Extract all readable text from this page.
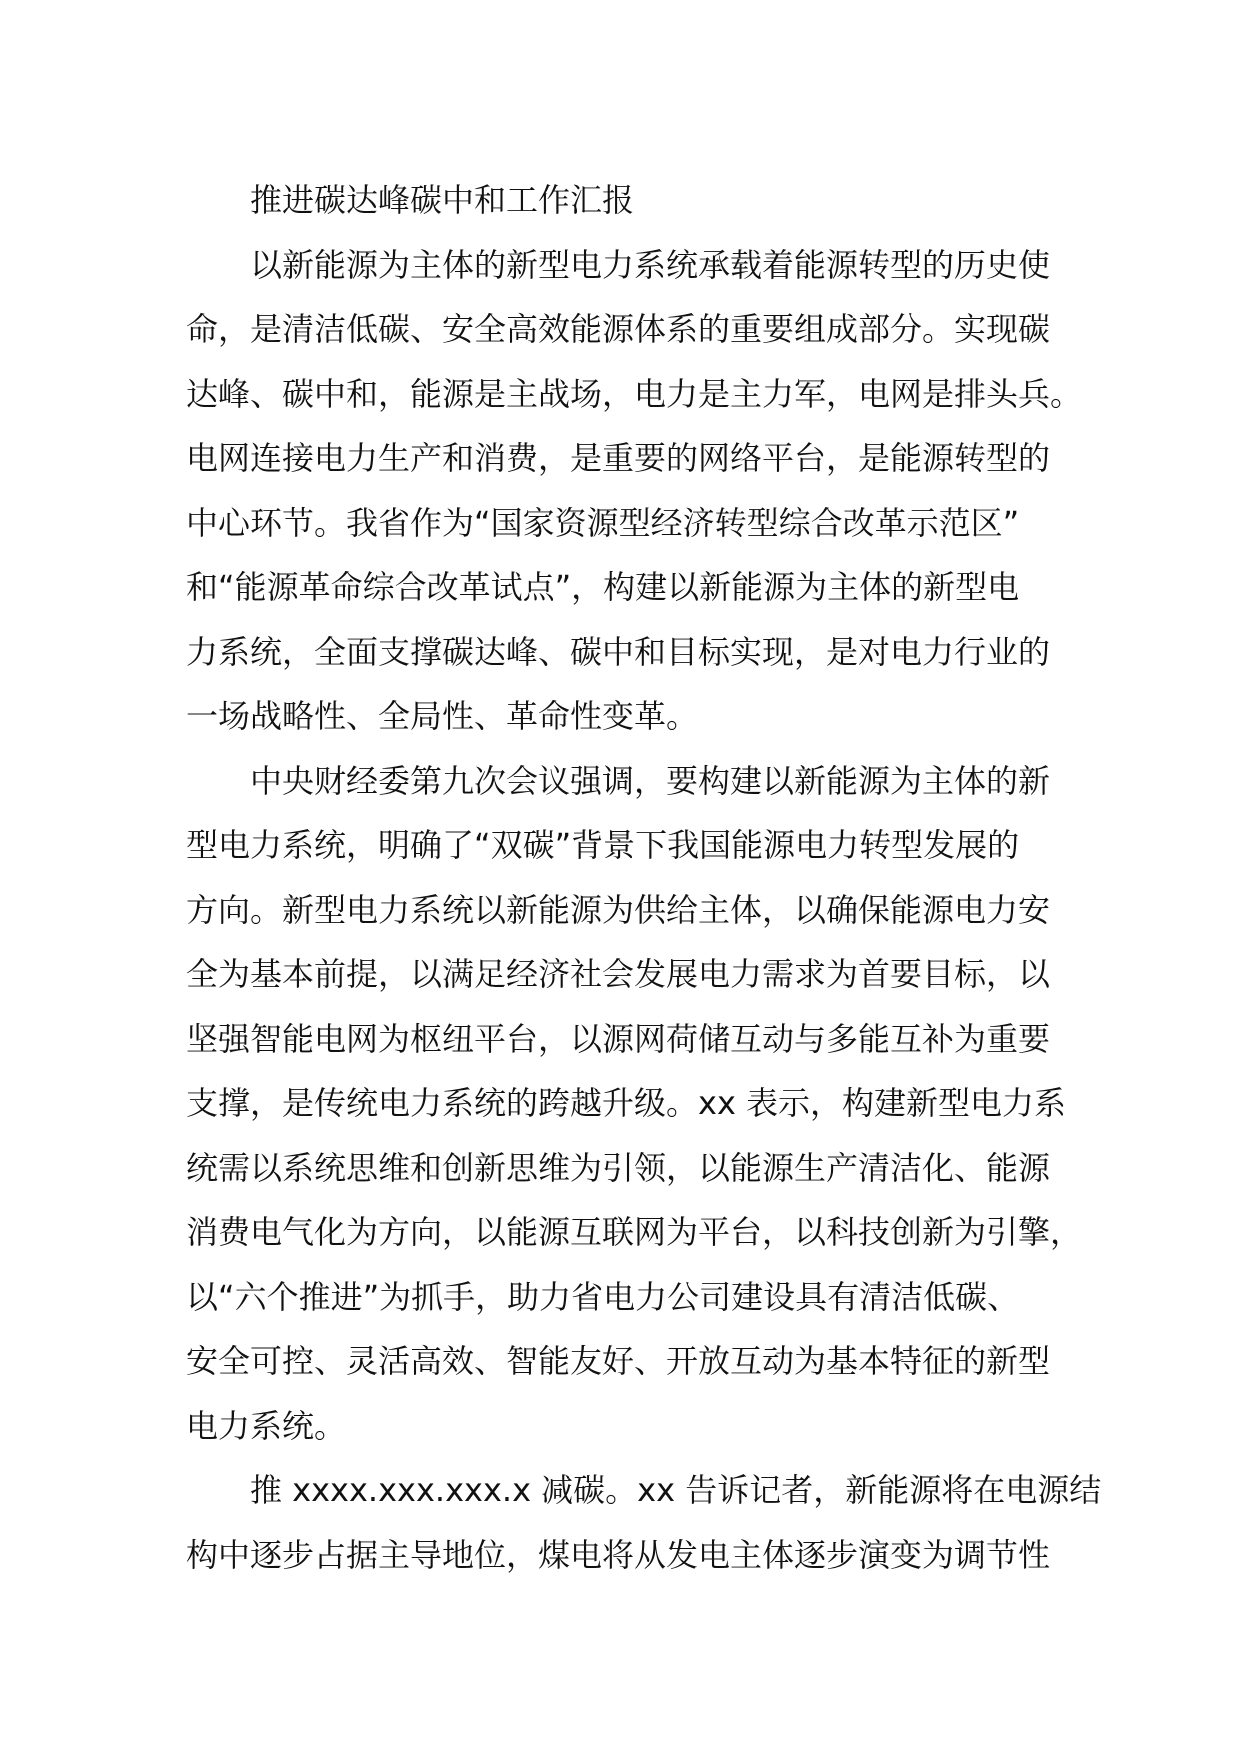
推进碳达峰碳中和工作汇报
以新能源为主体的新型电力系统承载着能源转型的历史使
命，是清洁低碳、安全高效能源体系的重要组成部分。实现碳
达峰、碳中和，能源是主战场，电力是主力军，电网是排头兵。
电网连接电力生产和消费，是重要的网络平台，是能源转型的
中心环节。我省作为“国家资源型经济转型综合改革示范区”
和“能源革命综合改革试点”，构建以新能源为主体的新型电
力系统，全面支撑碳达峰、碳中和目标实现，是对电力行业的
一场战略性、全局性、革命性变革。
中央财经委第九次会议强调，要构建以新能源为主体的新
型电力系统，明确了“双碳”背景下我国能源电力转型发展的
方向。新型电力系统以新能源为供给主体，以确保能源电力安
全为基本前提，以满足经济社会发展电力需求为首要目标，以
坚强智能电网为枢纽平台，以源网荷储互动与多能互补为重要
支撑，是传统电力系统的跨越升级。xx 表示，构建新型电力系
统需以系统思维和创新思维为引领，以能源生产清洁化、能源
消费电气化为方向，以能源互联网为平台，以科技创新为引擎，
以“六个推进”为抓手，助力省电力公司建设具有清洁低碳、
安全可控、灵活高效、智能友好、开放互动为基本特征的新型
电力系统。
推 xxxx.xxx.xxx.x 减碳。xx 告诉记者，新能源将在电源结
构中逐步占据主导地位，煤电将从发电主体逐步演变为调节性
